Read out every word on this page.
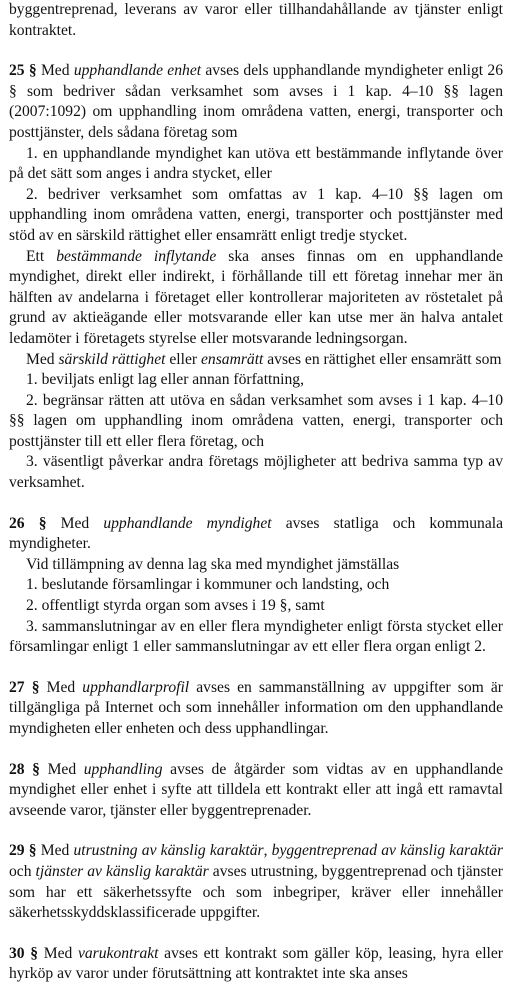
byggentreprenad, leverans av varor eller tillhandahållande av tjänster enligt kontraktet.

25 § Med upphandlande enhet avses dels upphandlande myndigheter enligt 26 § som bedriver sådan verksamhet som avses i 1 kap. 4–10 §§ lagen (2007:1092) om upphandling inom områdena vatten, energi, transporter och posttjänster, dels sådana företag som

1. en upphandlande myndighet kan utöva ett bestämmande inflytande över på det sätt som anges i andra stycket, eller

2. bedriver verksamhet som omfattas av 1 kap. 4–10 §§ lagen om upphandling inom områdena vatten, energi, transporter och posttjänster med stöd av en särskild rättighet eller ensamrätt enligt tredje stycket.

Ett bestämmande inflytande ska anses finnas om en upphandlande myndighet, direkt eller indirekt, i förhållande till ett företag innehar mer än hälften av andelarna i företaget eller kontrollerar majoriteten av röstetalet på grund av aktieägande eller motsvarande eller kan utse mer än halva antalet ledamöter i företagets styrelse eller motsvarande ledningsorgan.

Med särskild rättighet eller ensamrätt avses en rättighet eller ensamrätt som

1. beviljats enligt lag eller annan författning,

2. begränsar rätten att utöva en sådan verksamhet som avses i 1 kap. 4–10 §§ lagen om upphandling inom områdena vatten, energi, transporter och posttjänster till ett eller flera företag, och

3. väsentligt påverkar andra företags möjligheter att bedriva samma typ av verksamhet.

26 § Med upphandlande myndighet avses statliga och kommunala myndigheter.

Vid tillämpning av denna lag ska med myndighet jämställas

1. beslutande församlingar i kommuner och landsting, och

2. offentligt styrda organ som avses i 19 §, samt

3. sammanslutningar av en eller flera myndigheter enligt första stycket eller församlingar enligt 1 eller sammanslutningar av ett eller flera organ enligt 2.

27 § Med upphandlarprofil avses en sammanställning av uppgifter som är tillgängliga på Internet och som innehåller information om den upphandlande myndigheten eller enheten och dess upphandlingar.

28 § Med upphandling avses de åtgärder som vidtas av en upphandlande myndighet eller enhet i syfte att tilldela ett kontrakt eller att ingå ett ramavtal avseende varor, tjänster eller byggentreprenader.

29 § Med utrustning av känslig karaktär, byggentreprenad av känslig karaktär och tjänster av känslig karaktär avses utrustning, byggentreprenad och tjänster som har ett säkerhetssyfte och som inbegriper, kräver eller innehåller säkerhetsskyddsklassificerade uppgifter.

30 § Med varukontrakt avses ett kontrakt som gäller köp, leasing, hyra eller hyrköp av varor under förutsättning att kontraktet inte ska anses
